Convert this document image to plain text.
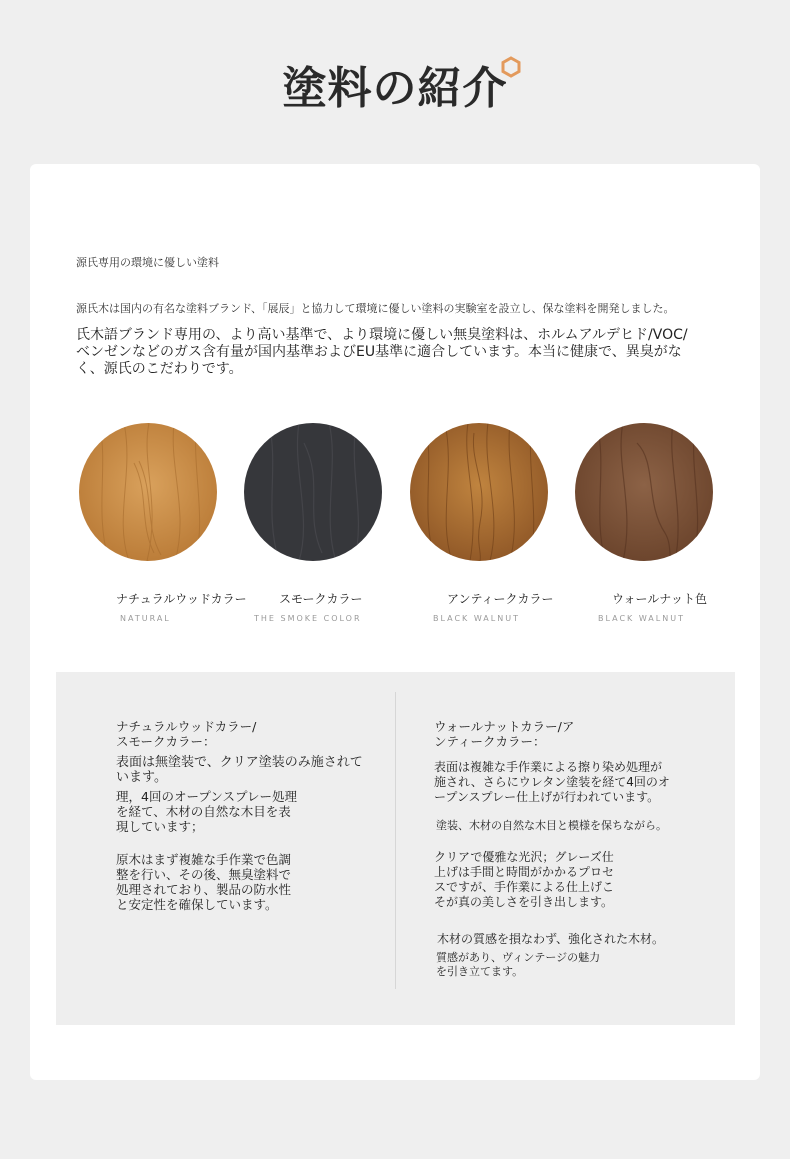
塗料の紹介
源氏専用の環境に優しい塗料
源氏木は国内の有名な塗料ブランド、「展辰」と協力して環境に優しい塗料の実験室を設立し、保な塗料を開発しました。
氏木語ブランド専用の、より高い基準で、より環境に優しい無臭塗料は、ホルムアルデヒド/VOC/ベンゼンなどのガス含有量が国内基準およびEU基準に適合しています。本当に健康で、異臭がなく、源氏のこだわりです。
ナチュラルウッドカラー	スモークカラー	アンティークカラー	ウォールナット色
NATURAL	THE SMOKE COLOR	BLACK WALNUT	BLACK WALNUT
ナチュラルウッドカラー/
スモークカラー：
表面は無塗装で、クリア塗装のみ施されています。
理，4回のオープンスプレー処理
を経て、木材の自然な木目を表
現しています；
原木はまず複雑な手作業で色調
整を行い、その後、無臭塗料で
処理されており、製品の防水性
と安定性を確保しています。
ウォールナットカラー/ア
ンティークカラー：
表面は複雑な手作業による擦り染め処理が
施され、さらにウレタン塗装を経て4回のオ
ープンスプレー仕上げが行われています。
塗装、木材の自然な木目と模様を保ちながら。
クリアで優雅な光沢；グレーズ仕
上げは手間と時間がかかるプロセ
スですが、手作業による仕上げこ
そが真の美しさを引き出します。
木材の質感を損なわず、強化された木材。
質感があり、ヴィンテージの魅力
を引き立てます。
